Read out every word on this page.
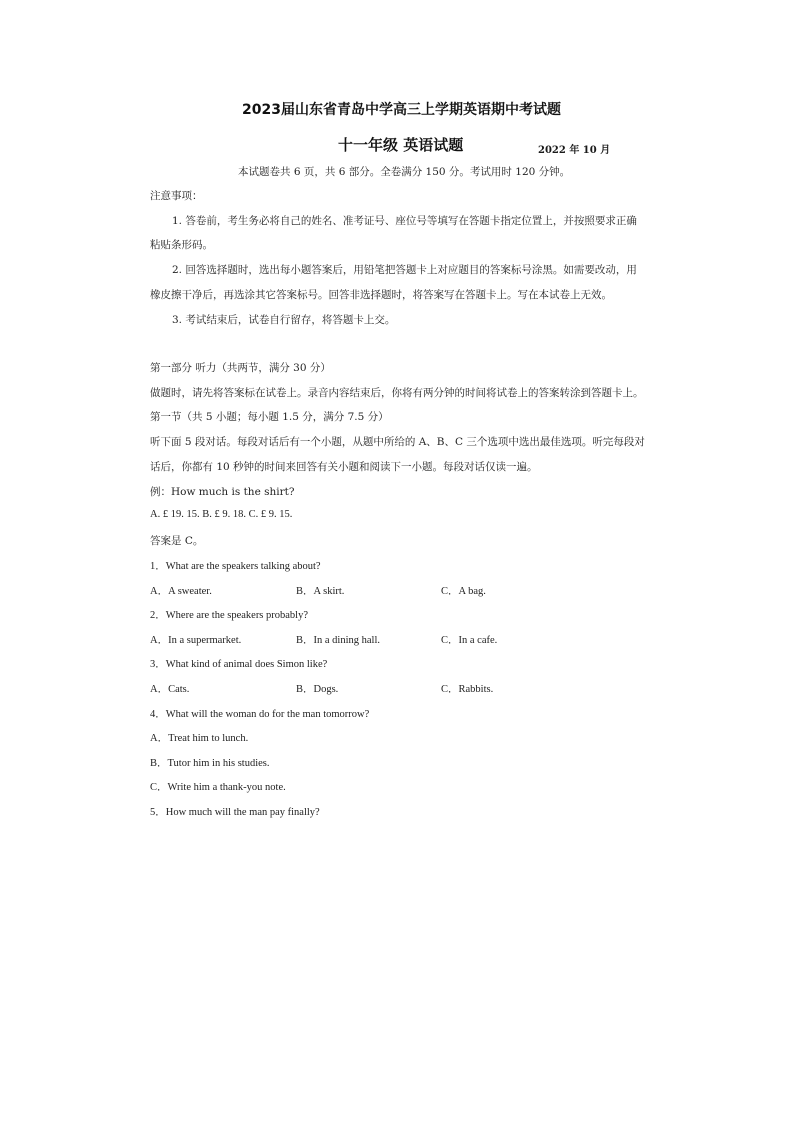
2023届山东省青岛中学高三上学期英语期中考试题
十一年级 英语试题	2022 年 10 月
本试题卷共 6 页，共 6 部分。全卷满分 150 分。考试用时 120 分钟。
注意事项：
1. 答卷前，考生务必将自己的姓名、准考证号、座位号等填写在答题卡指定位置上，并按照要求正确
粘贴条形码。
2. 回答选择题时，选出每小题答案后，用铅笔把答题卡上对应题目的答案标号涂黑。如需要改动，用
橡皮擦干净后，再选涂其它答案标号。回答非选择题时，将答案写在答题卡上。写在本试卷上无效。
3. 考试结束后，试卷自行留存，将答题卡上交。
第一部分 听力（共两节，满分 30 分）
做题时，请先将答案标在试卷上。录音内容结束后，你将有两分钟的时间将试卷上的答案转涂到答题卡上。
第一节（共 5 小题；每小题 1.5 分，满分 7.5 分）
听下面 5 段对话。每段对话后有一个小题，从题中所给的 A、B、C 三个选项中选出最佳选项。听完每段对
话后，你都有 10 秒钟的时间来回答有关小题和阅读下一小题。每段对话仅读一遍。
例：How much is the shirt?
A. £ 19. 15. B. £ 9. 18. C. £ 9. 15.
答案是 C。
1．What are the speakers talking about?
A．A sweater.	B．A skirt.	C．A bag.
2．Where are the speakers probably?
A．In a supermarket.	B．In a dining hall.	C．In a cafe.
3．What kind of animal does Simon like?
A．Cats.	B．Dogs.	C．Rabbits.
4．What will the woman do for the man tomorrow?
A．Treat him to lunch.
B．Tutor him in his studies.
C．Write him a thank-you note.
5．How much will the man pay finally?
